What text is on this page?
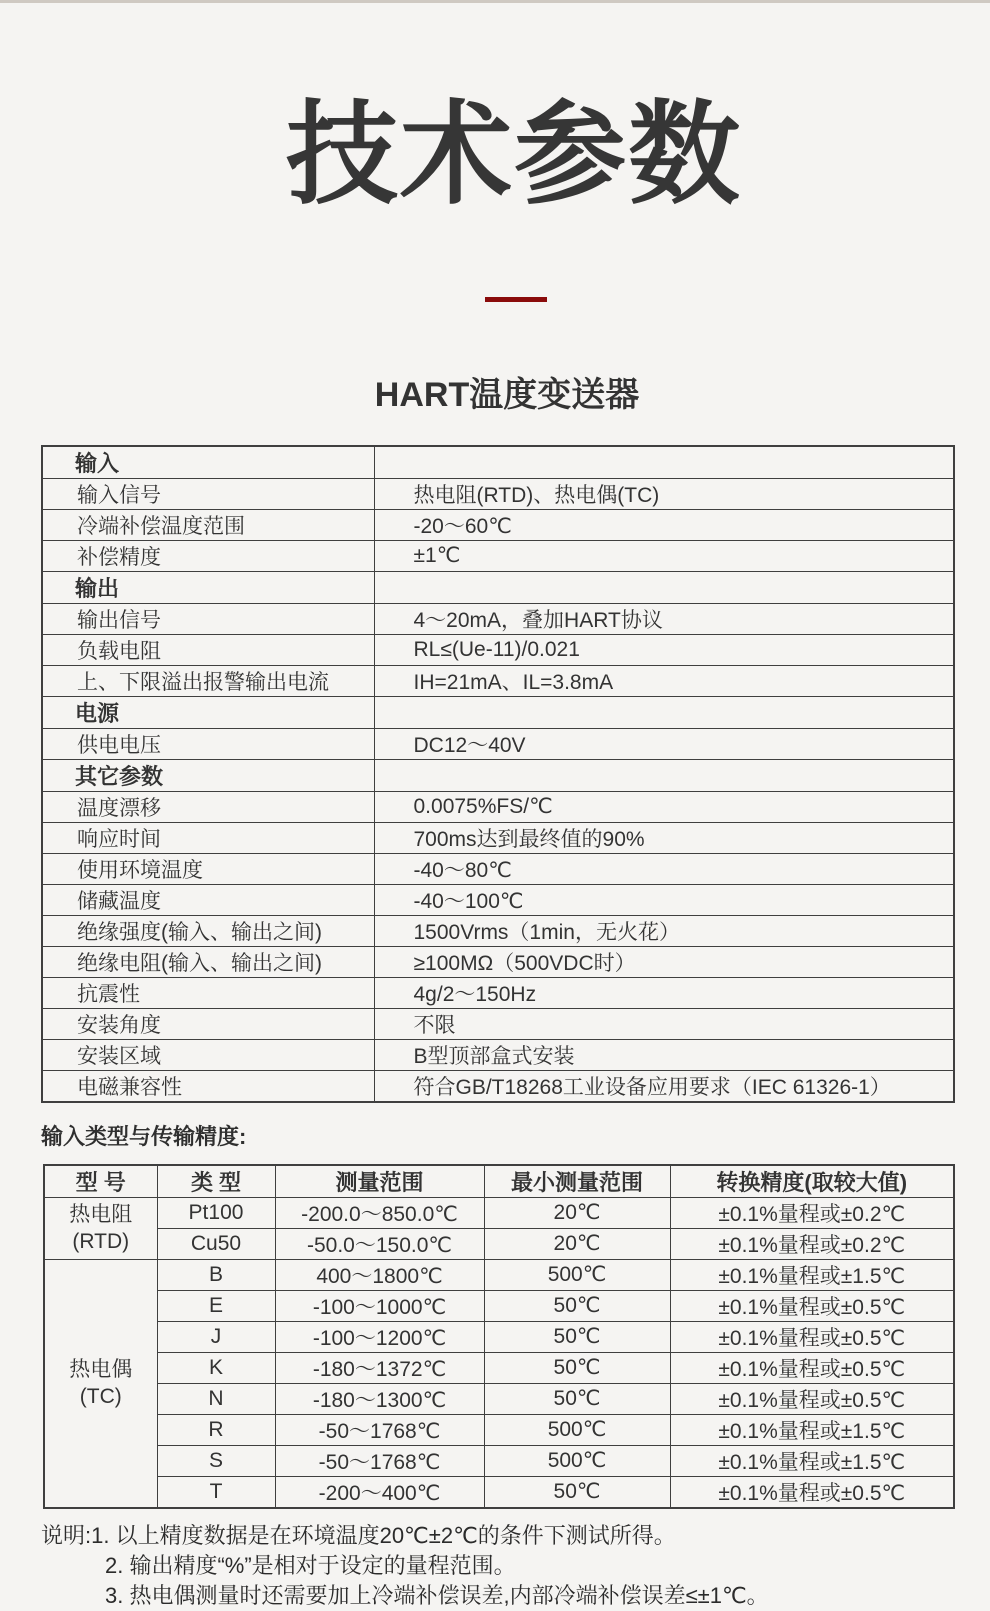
技术参数
HART温度变送器
输入	
输入信号	热电阻(RTD)、热电偶(TC)
冷端补偿温度范围	-20～60℃
补偿精度	±1℃
输出	
输出信号	4～20mA，叠加HART协议
负载电阻	RL≤(Ue-11)/0.021
上、下限溢出报警输出电流	IH=21mA、IL=3.8mA
电源	
供电电压	DC12～40V
其它参数	
温度漂移	0.0075%FS/℃
响应时间	700ms达到最终值的90%
使用环境温度	-40～80℃
储藏温度	-40～100℃
绝缘强度(输入、输出之间)	1500Vrms（1min，无火花）
绝缘电阻(输入、输出之间)	≥100MΩ（500VDC时）
抗震性	4g/2～150Hz
安装角度	不限
安装区域	B型顶部盒式安装
电磁兼容性	符合GB/T18268工业设备应用要求（IEC 61326-1）
输入类型与传输精度:
型 号	类 型	测量范围	最小测量范围	转换精度(取较大值)

热电阻
(RTD)	Pt100	-200.0～850.0℃	20℃	±0.1%量程或±0.2℃
	Cu50	-50.0～150.0℃	20℃	±0.1%量程或±0.2℃

热电偶
(TC)	B	400～1800℃	500℃	±0.1%量程或±1.5℃
	E	-100～1000℃	50℃	±0.1%量程或±0.5℃
	J	-100～1200℃	50℃	±0.1%量程或±0.5℃
	K	-180～1372℃	50℃	±0.1%量程或±0.5℃
	N	-180～1300℃	50℃	±0.1%量程或±0.5℃
	R	-50～1768℃	500℃	±0.1%量程或±1.5℃
	S	-50～1768℃	500℃	±0.1%量程或±1.5℃
	T	-200～400℃	50℃	±0.1%量程或±0.5℃
说明:1. 以上精度数据是在环境温度20℃±2℃的条件下测试所得。
2. 输出精度“%”是相对于设定的量程范围。
3. 热电偶测量时还需要加上冷端补偿误差,内部冷端补偿误差≤±1℃。
